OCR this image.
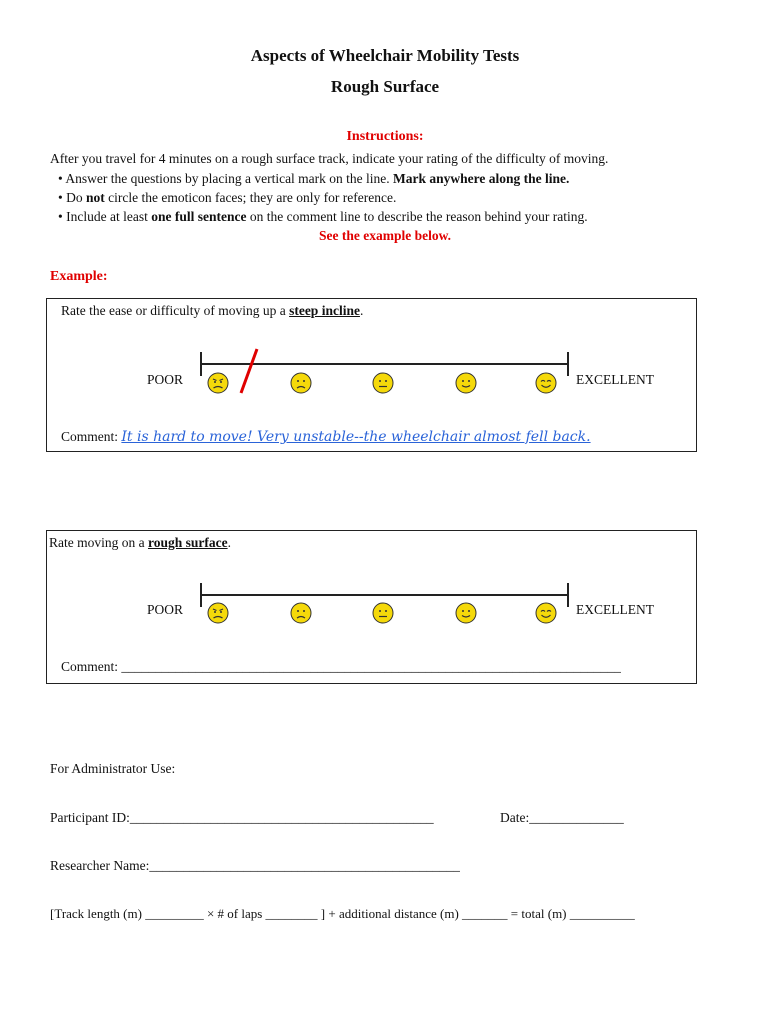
Aspects of Wheelchair Mobility Tests
Rough Surface
Instructions:
After you travel for 4 minutes on a rough surface track, indicate your rating of the difficulty of moving.
• Answer the questions by placing a vertical mark on the line. Mark anywhere along the line.
• Do not circle the emoticon faces; they are only for reference.
• Include at least one full sentence on the comment line to describe the reason behind your rating.
See the example below.
Example:
Rate the ease or difficulty of moving up a steep incline.
POOR	EXCELLENT
Comment: It is hard to move! Very unstable--the wheelchair almost fell back.
Rate moving on a rough surface.
POOR	EXCELLENT
Comment: __________________________________________________________________________
For Administrator Use:
Participant ID:_____________________________________________	Date:______________
Researcher Name:______________________________________________
[Track length (m) _________ × # of laps ________ ] + additional distance (m) _______ = total (m) __________
